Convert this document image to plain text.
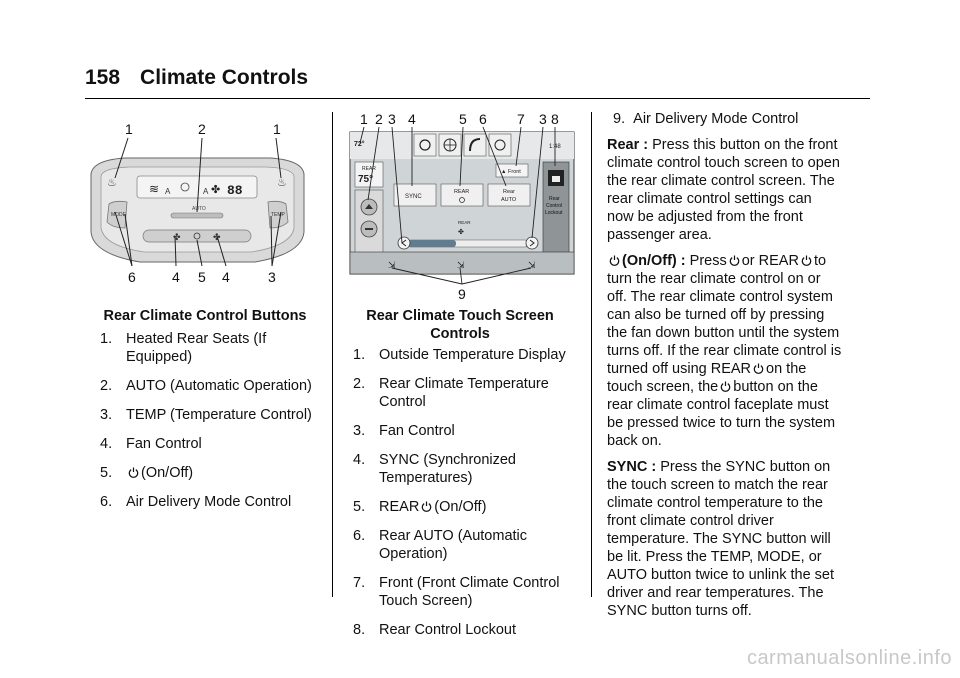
158 Climate Controls
1	2	1
≋ A	A ✤ 88
♨	♨
AUTO
MODE	TEMP
✤	✤
6	4 5 4	3
Rear Climate Control Buttons
1. Heated Rear Seats (If Equipped)
2. AUTO (Automatic Operation)
3. TEMP (Temperature Control)
4. Fan Control
5. (On/Off)
6. Air Delivery Mode Control
1 2 3 4	5 6 7 3 8
72°	1:48
▲ Front
REAR
75°
SYNC
REAR	Rear
AUTO	Rear
Control
Lockout
REAR
✤
⇲	⇲	⇲
9
Rear Climate Touch Screen
Controls
1. Outside Temperature Display
2. Rear Climate Temperature Control
3. Fan Control
4. SYNC (Synchronized Temperatures)
5. REAR (On/Off)
6. Rear AUTO (Automatic Operation)
7. Front (Front Climate Control Touch Screen)
8. Rear Control Lockout
9. Air Delivery Mode Control
Rear : Press this button on the front climate control touch screen to open the rear climate control screen. The rear climate control settings can now be adjusted from the front passenger area.
(On/Off) : Press or REAR to turn the rear climate control on or off. The rear climate control system can also be turned off by pressing the fan down button until the system turns off. If the rear climate control is turned off using REAR on the touch screen, the button on the rear climate control faceplate must be pressed twice to turn the system back on.
SYNC : Press the SYNC button on the touch screen to match the rear climate control temperature to the front climate control driver temperature. The SYNC button will be lit. Press the TEMP, MODE, or AUTO button twice to unlink the set driver and rear temperatures. The SYNC button turns off.
carmanualsonline.info
